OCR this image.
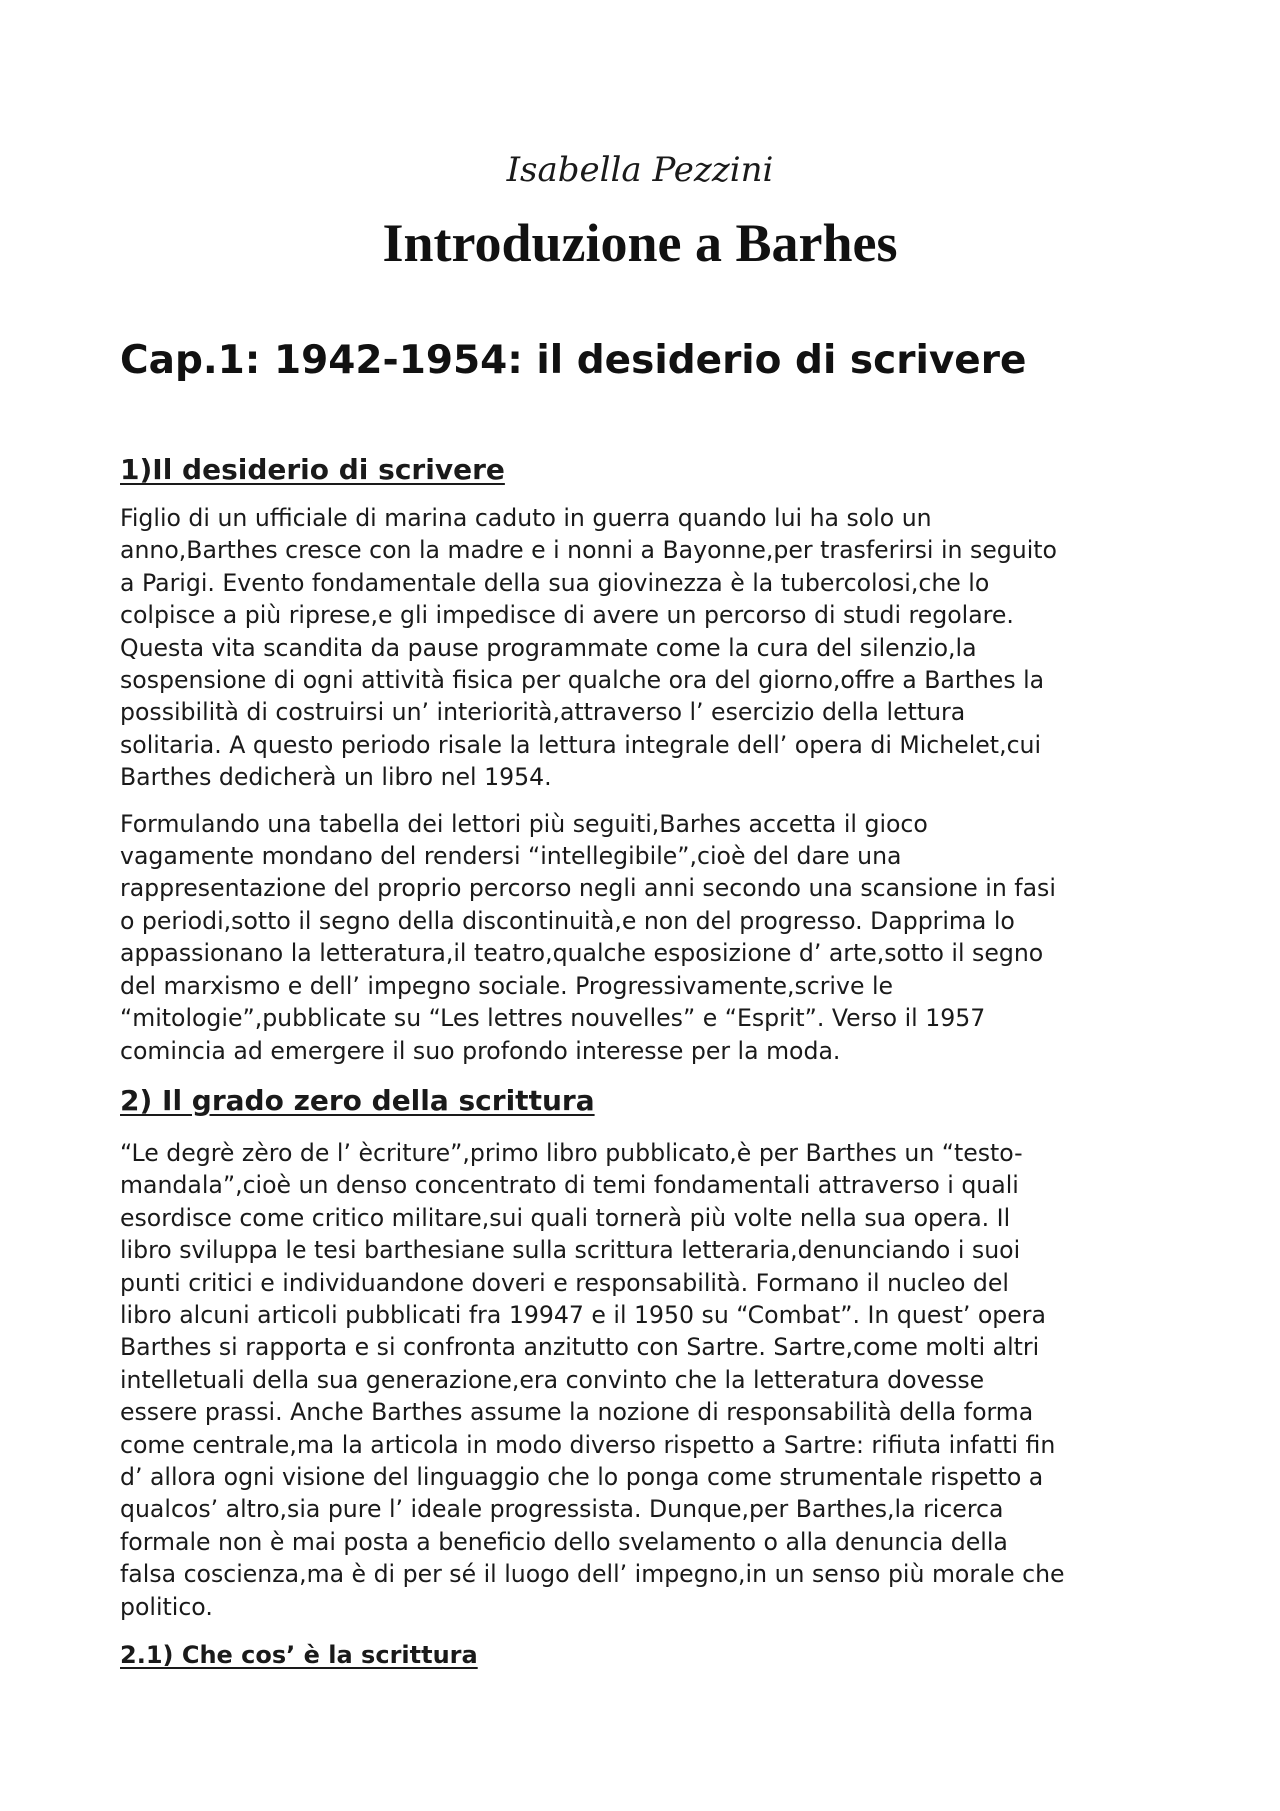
Isabella Pezzini

Introduzione a Barhes
Cap.1: 1942-1954: il desiderio di scrivere
1)Il desiderio di scrivere

Figlio di un ufficiale di marina caduto in guerra quando lui ha solo un
anno,Barthes cresce con la madre e i nonni a Bayonne,per trasferirsi in seguito
a Parigi. Evento fondamentale della sua giovinezza è la tubercolosi,che lo
colpisce a più riprese,e gli impedisce di avere un percorso di studi regolare.
Questa vita scandita da pause programmate come la cura del silenzio,la
sospensione di ogni attività fisica per qualche ora del giorno,offre a Barthes la
possibilità di costruirsi un’ interiorità,attraverso l’ esercizio della lettura
solitaria. A questo periodo risale la lettura integrale dell’ opera di Michelet,cui
Barthes dedicherà un libro nel 1954.

Formulando una tabella dei lettori più seguiti,Barhes accetta il gioco
vagamente mondano del rendersi “intellegibile”,cioè del dare una
rappresentazione del proprio percorso negli anni secondo una scansione in fasi
o periodi,sotto il segno della discontinuità,e non del progresso. Dapprima lo
appassionano la letteratura,il teatro,qualche esposizione d’ arte,sotto il segno
del marxismo e dell’ impegno sociale. Progressivamente,scrive le
“mitologie”,pubblicate su “Les lettres nouvelles” e “Esprit”. Verso il 1957
comincia ad emergere il suo profondo interesse per la moda.

2) Il grado zero della scrittura

“Le degrè zèro de l’ ècriture”,primo libro pubblicato,è per Barthes un “testo-
mandala”,cioè un denso concentrato di temi fondamentali attraverso i quali
esordisce come critico militare,sui quali tornerà più volte nella sua opera. Il
libro sviluppa le tesi barthesiane sulla scrittura letteraria,denunciando i suoi
punti critici e individuandone doveri e responsabilità. Formano il nucleo del
libro alcuni articoli pubblicati fra 19947 e il 1950 su “Combat”. In quest’ opera
Barthes si rapporta e si confronta anzitutto con Sartre. Sartre,come molti altri
intelletuali della sua generazione,era convinto che la letteratura dovesse
essere prassi. Anche Barthes assume la nozione di responsabilità della forma
come centrale,ma la articola in modo diverso rispetto a Sartre: rifiuta infatti fin
d’ allora ogni visione del linguaggio che lo ponga come strumentale rispetto a
qualcos’ altro,sia pure l’ ideale progressista. Dunque,per Barthes,la ricerca
formale non è mai posta a beneficio dello svelamento o alla denuncia della
falsa coscienza,ma è di per sé il luogo dell’ impegno,in un senso più morale che
politico.

2.1) Che cos’ è la scrittura
